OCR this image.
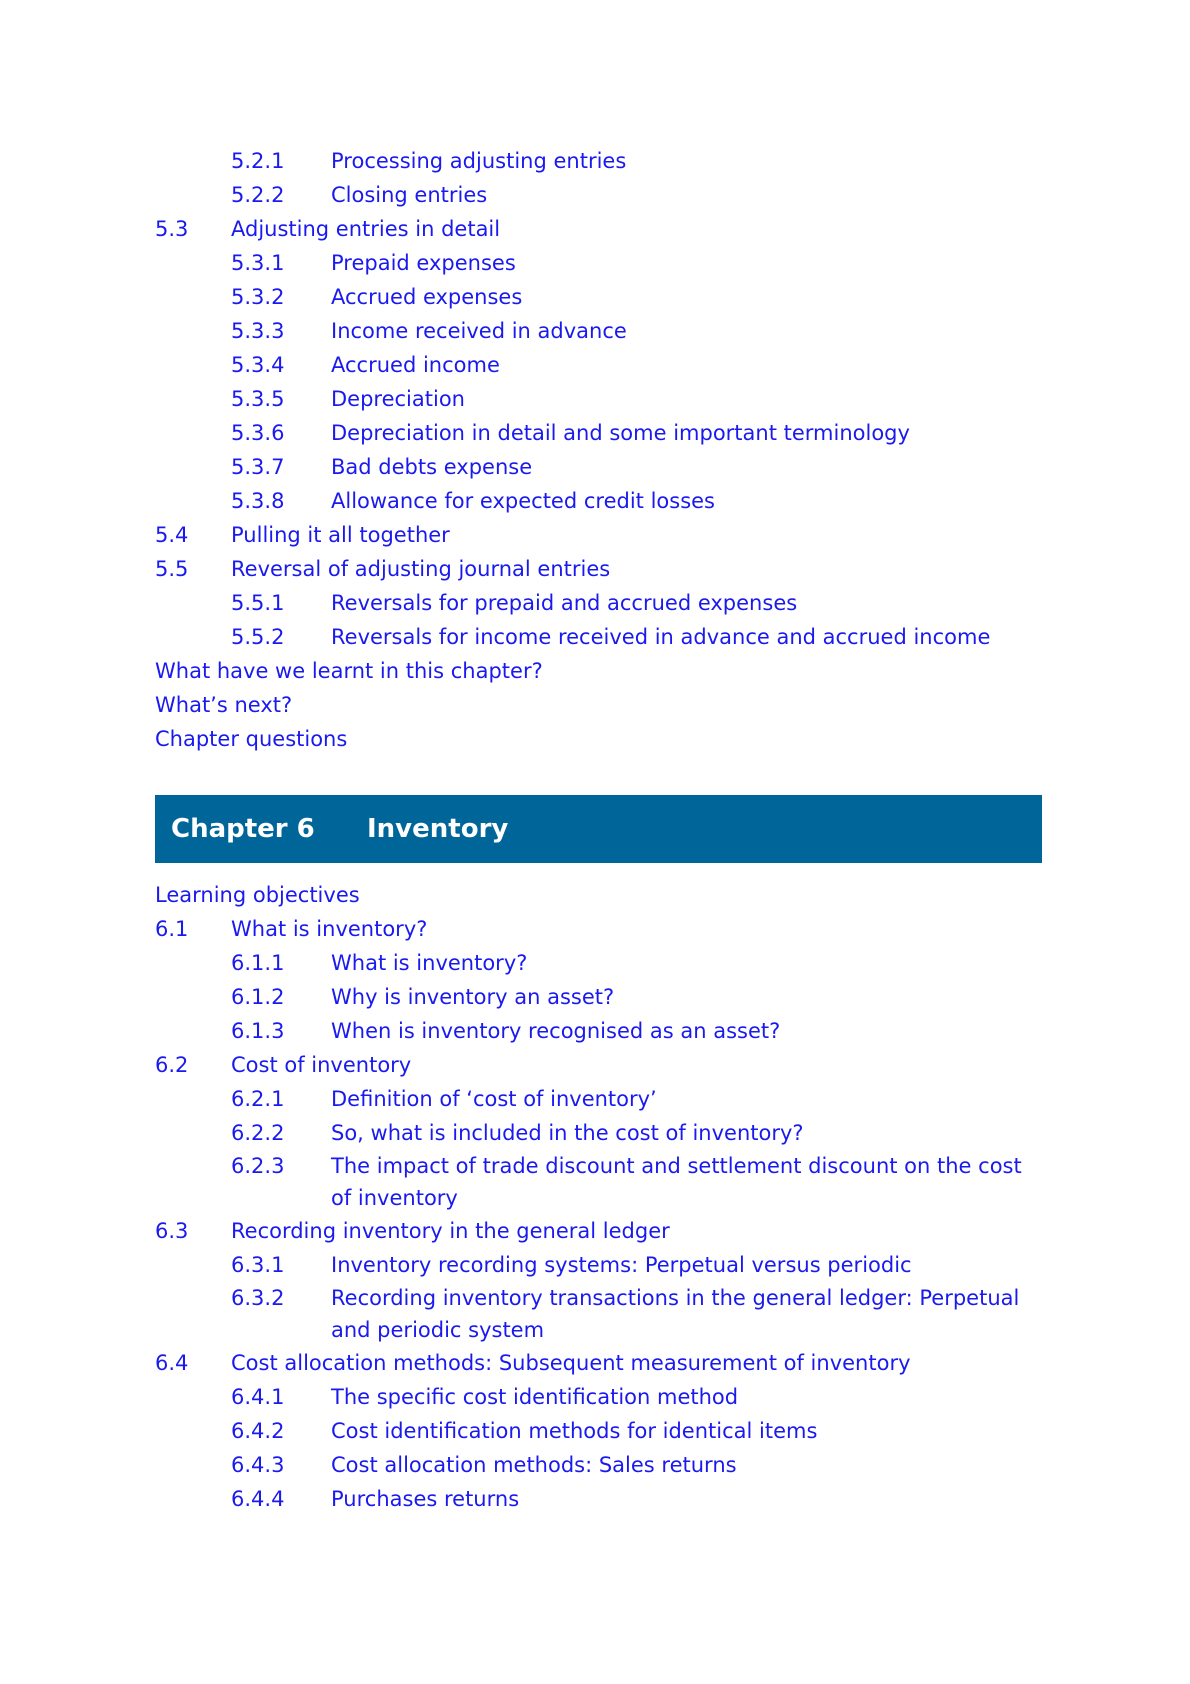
5.2.1 Processing adjusting entries
5.2.2 Closing entries
5.3 Adjusting entries in detail
5.3.1 Prepaid expenses
5.3.2 Accrued expenses
5.3.3 Income received in advance
5.3.4 Accrued income
5.3.5 Depreciation
5.3.6 Depreciation in detail and some important terminology
5.3.7 Bad debts expense
5.3.8 Allowance for expected credit losses
5.4 Pulling it all together
5.5 Reversal of adjusting journal entries
5.5.1 Reversals for prepaid and accrued expenses
5.5.2 Reversals for income received in advance and accrued income
What have we learnt in this chapter?
What’s next?
Chapter questions
Chapter 6 Inventory
Learning objectives
6.1 What is inventory?
6.1.1 What is inventory?
6.1.2 Why is inventory an asset?
6.1.3 When is inventory recognised as an asset?
6.2 Cost of inventory
6.2.1 Definition of ‘cost of inventory’
6.2.2 So, what is included in the cost of inventory?
6.2.3 The impact of trade discount and settlement discount on the cost of inventory
6.3 Recording inventory in the general ledger
6.3.1 Inventory recording systems: Perpetual versus periodic
6.3.2 Recording inventory transactions in the general ledger: Perpetual and periodic system
6.4 Cost allocation methods: Subsequent measurement of inventory
6.4.1 The specific cost identification method
6.4.2 Cost identification methods for identical items
6.4.3 Cost allocation methods: Sales returns
6.4.4 Purchases returns
